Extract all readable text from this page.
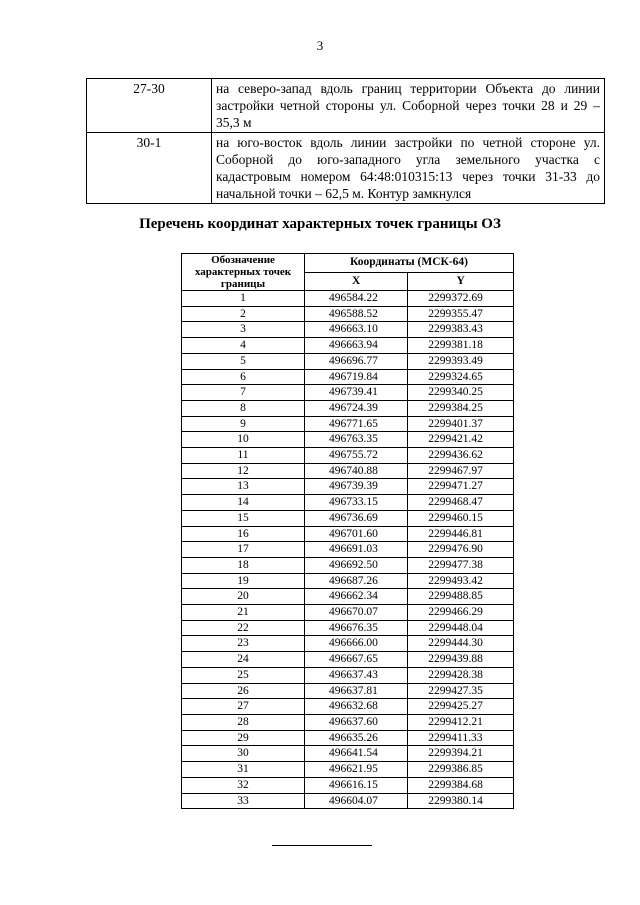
3
27-30	на северо-запад вдоль границ территории Объекта до линии застройки четной стороны ул. Соборной через точки 28 и 29 – 35,3 м
30-1	на юго-восток вдоль линии застройки по четной стороне ул. Соборной до юго-западного угла земельного участка с кадастровым номером 64:48:010315:13 через точки 31-33 до начальной точки – 62,5 м. Контур замкнулся
Перечень координат характерных точек границы ОЗ
Обозначение характерных точек границы	Координаты (МСК-64)	
	X	Y
1	496584.22	2299372.69
2	496588.52	2299355.47
3	496663.10	2299383.43
4	496663.94	2299381.18
5	496696.77	2299393.49
6	496719.84	2299324.65
7	496739.41	2299340.25
8	496724.39	2299384.25
9	496771.65	2299401.37
10	496763.35	2299421.42
11	496755.72	2299436.62
12	496740.88	2299467.97
13	496739.39	2299471.27
14	496733.15	2299468.47
15	496736.69	2299460.15
16	496701.60	2299446.81
17	496691.03	2299476.90
18	496692.50	2299477.38
19	496687.26	2299493.42
20	496662.34	2299488.85
21	496670.07	2299466.29
22	496676.35	2299448.04
23	496666.00	2299444.30
24	496667.65	2299439.88
25	496637.43	2299428.38
26	496637.81	2299427.35
27	496632.68	2299425.27
28	496637.60	2299412.21
29	496635.26	2299411.33
30	496641.54	2299394.21
31	496621.95	2299386.85
32	496616.15	2299384.68
33	496604.07	2299380.14
